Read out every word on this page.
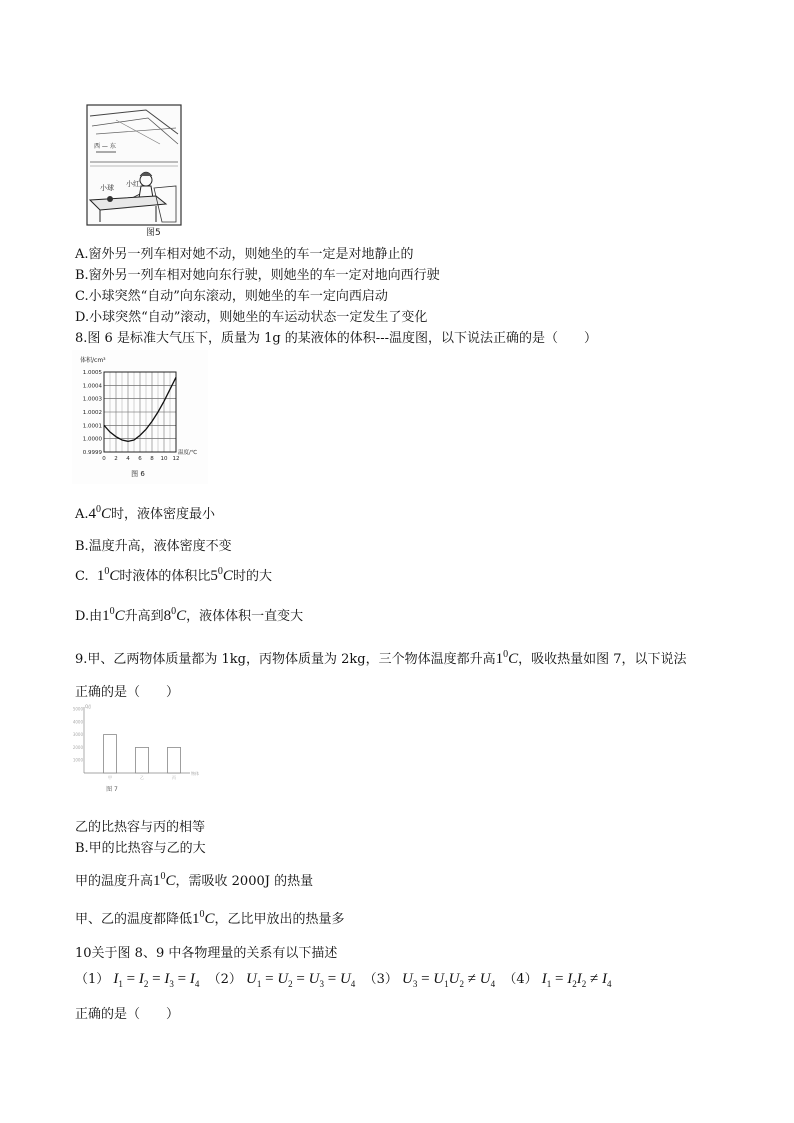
图5
小球 小红
西 — 东
A.窗外另一列车相对她不动，则她坐的车一定是对地静止的
B.窗外另一列车相对她向东行驶，则她坐的车一定对地向西行驶
C.小球突然“自动”向东滚动，则她坐的车一定向西启动
D.小球突然“自动”滚动，则她坐的车运动状态一定发生了变化
8.图 6 是标准大气压下，质量为 1g 的某液体的体积---温度图，以下说法正确的是（　　）
0.9999
1.0000
1.0001
1.0002
1.0003
1.0004
1.0005
0 2 4 6 8 10 12
体积/cm³
温度/℃
图 6
$A.4^0C$时，液体密度最小
B.温度升高，液体密度不变
C. $1^0C$时液体的体积比$5^0C$时的大
D.由$1^0C$升高到$8^0C$，液体体积一直变大
9.甲、乙两物体质量都为 1kg，丙物体质量为 2kg，三个物体温度都升高$1^0C$，吸收热量如图 7，以下说法
正确的是（　　）
Q/J
1000
2000
3000
4000
5000
甲	乙	丙
物体
图 7
乙的比热容与丙的相等
B.甲的比热容与乙的大
甲的温度升高$1^0C$，需吸收 2000J 的热量
甲、乙的温度都降低$1^0C$，乙比甲放出的热量多
10关于图 8、9 中各物理量的关系有以下描述
（1） $I_1 = I_2 = I_3 = I_4$ （2） $U_1 = U_2 = U_3 = U_4$ （3） $U_3 = U_1U_2 \ne U_4$ （4） $I_1 = I_2I_2 \ne I_4$
正确的是（　　）
